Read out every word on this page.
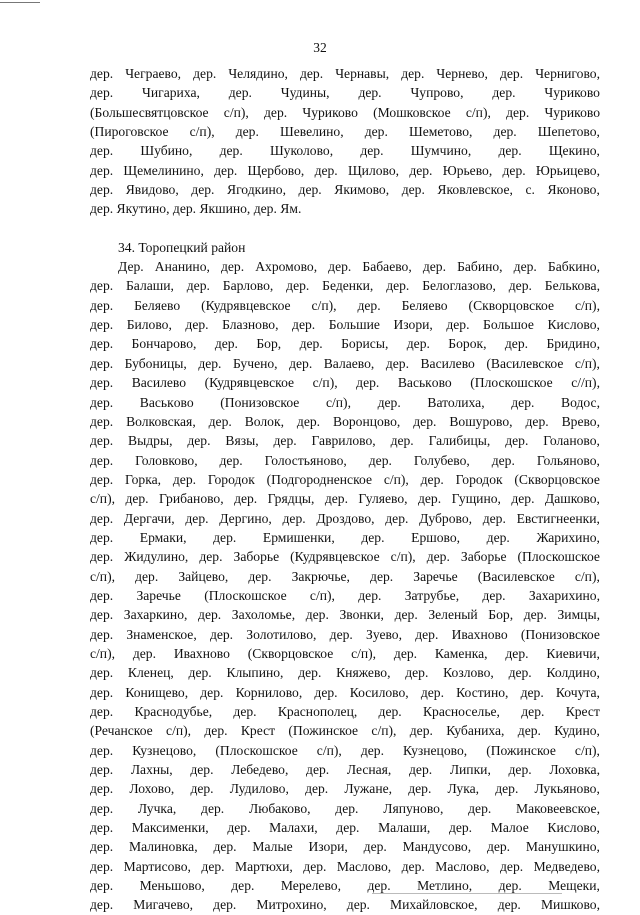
32
дер. Чеграево, дер. Челядино, дер. Чернавы, дер. Чернево, дер. Чернигово,
дер. Чигариха, дер. Чудины, дер. Чупрово, дер. Чуриково
(Большесвятцовское с/п), дер. Чуриково (Мошковское с/п), дер. Чуриково
(Пироговское с/п), дер. Шевелино, дер. Шеметово, дер. Шепетово,
дер. Шубино, дер. Шуколово, дер. Шумчино, дер. Щекино,
дер. Щемелинино, дер. Щербово, дер. Щилово, дер. Юрьево, дер. Юрьицево,
дер. Явидово, дер. Ягодкино, дер. Якимово, дер. Яковлевское, с. Яконово,
дер. Якутино, дер. Якшино, дер. Ям.

34. Торопецкий район

Дер. Ананино, дер. Ахромово, дер. Бабаево, дер. Бабино, дер. Бабкино,
дер. Балаши, дер. Барлово, дер. Беденки, дер. Белоглазово, дер. Белькова,
дер. Беляево (Кудрявцевское с/п), дер. Беляево (Скворцовское с/п),
дер. Билово, дер. Блазново, дер. Большие Изори, дер. Большое Кислово,
дер. Бончарово, дер. Бор, дер. Борисы, дер. Борок, дер. Бридино,
дер. Бубоницы, дер. Бучено, дер. Валаево, дер. Василево (Василевское с/п),
дер. Василево (Кудрявцевское с/п), дер. Васькoво (Плоскошское с//п),
дер. Васькoво (Понизовское с/п), дер. Ватолиха, дер. Водос,
дер. Волковская, дер. Волок, дер. Воронцово, дер. Вошурово, дер. Врево,
дер. Выдры, дер. Вязы, дер. Гаврилово, дер. Галибицы, дер. Голаново,
дер. Головково, дер. Голостьяново, дер. Голубево, дер. Гольяново,
дер. Горка, дер. Городок (Подгородненское с/п), дер. Городок (Скворцовское
с/п), дер. Грибаново, дер. Грядцы, дер. Гуляево, дер. Гущино, дер. Дашково,
дер. Дергачи, дер. Дергино, дер. Дроздово, дер. Дуброво, дер. Евстигнеенки,
дер. Ермаки, дер. Ермишенки, дер. Ершово, дер. Жарихино,
дер. Жидулино, дер. Заборье (Кудрявцевское с/п), дер. Заборье (Плоскошское
с/п), дер. Зайцево, дер. Закрючье, дер. Заречье (Василевское с/п),
дер. Заречье (Плоскошское с/п), дер. Затрубье, дер. Захарихино,
дер. Захаркино, дер. Захоломье, дер. Звонки, дер. Зеленый Бор, дер. Зимцы,
дер. Знаменское, дер. Золотилово, дер. Зуево, дер. Ивахново (Понизовское
с/п), дер. Ивахново (Скворцовское с/п), дер. Каменка, дер. Киевичи,
дер. Кленец, дер. Клыпино, дер. Княжево, дер. Козлово, дер. Колдино,
дер. Конищево, дер. Корнилово, дер. Косилово, дер. Костино, дер. Кочута,
дер. Краснодубье, дер. Краснополец, дер. Красноселье, дер. Крест
(Речанское с/п), дер. Крест (Пожинское с/п), дер. Кубаниха, дер. Кудино,
дер. Кузнецово, (Плоскошское с/п), дер. Кузнецово, (Пожинское с/п),
дер. Лахны, дер. Лебедево, дер. Лесная, дер. Липки, дер. Лоховка,
дер. Лохово, дер. Лудилово, дер. Лужане, дер. Лука, дер. Лукьяново,
дер. Лучка, дер. Любаково, дер. Ляпуново, дер. Маковеевское,
дер. Максименки, дер. Малахи, дер. Малаши, дер. Малое Кислово,
дер. Малиновка, дер. Малые Изори, дер. Мандусово, дер. Манушкино,
дер. Мартисово, дер. Мартюхи, дер. Маслово, дер. Маслово, дер. Медведево,
дер. Меньшово, дер. Мерелево, дер. Метлино, дер. Мещеки,
дер. Мигачево, дер. Митрохино, дер. Михайловское, дер. Мишково,
